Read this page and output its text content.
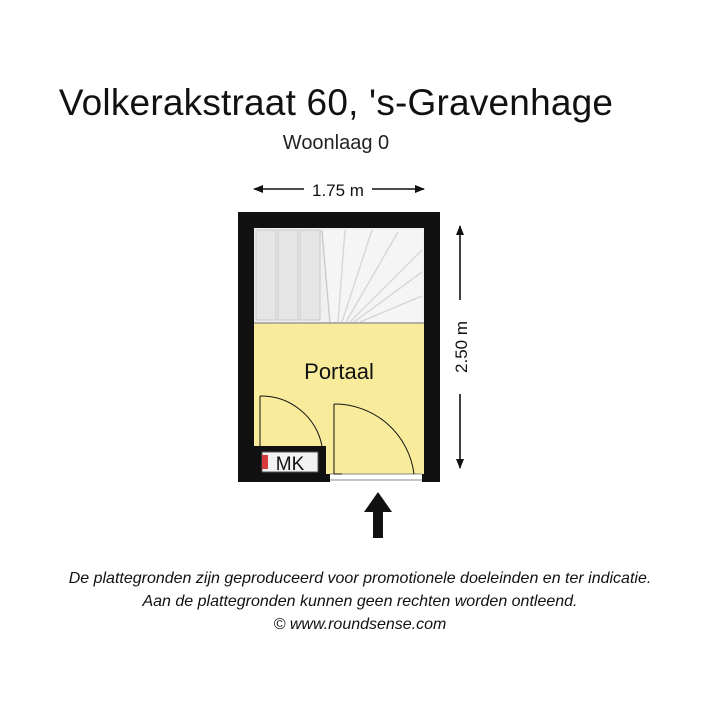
Volkerakstraat 60, 's-Gravenhage
Woonlaag 0
1.75 m
2.50 m
MK
Portaal
De plattegronden zijn geproduceerd voor promotionele doeleinden en ter indicatie.
Aan de plattegronden kunnen geen rechten worden ontleend.
© www.roundsense.com
